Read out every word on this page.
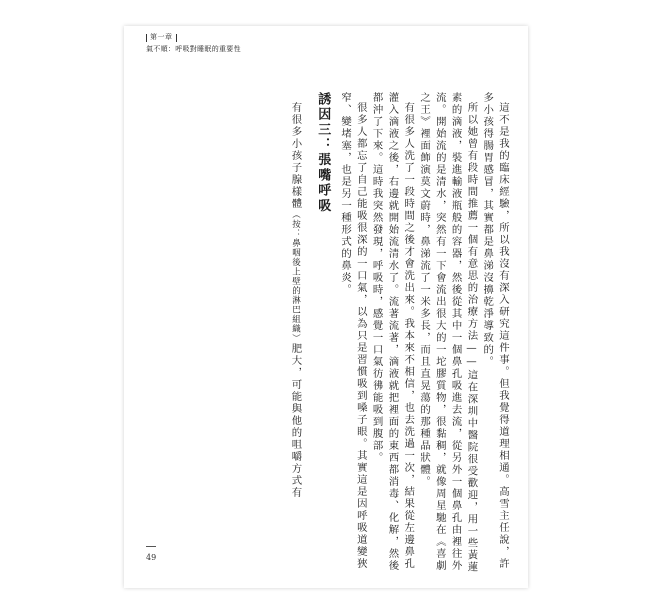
第一章
氣不順：呼吸對睡眠的重要性

這不是我的臨床經驗，所以我沒有深入研究這件事。但我覺得道理相通。高雪主任說，許多小孩得腸胃感冒，其實都是鼻涕沒擤乾淨導致的。

所以她曾有段時間推薦一個有意思的治療方法——這在深圳中醫院很受歡迎，用一些黃蓮素的滴液，裝進輸液瓶般的容器，然後從其中一個鼻孔吸進去流，從另外一個鼻孔由裡往外流。開始流的是清水，突然有一下會流出很大的一坨膠質物，很黏稠，就像周星馳在《喜劇之王》裡面飾演莫文蔚時，鼻涕流了一米多長，而且直晃蕩的那種晶狀體。

有很多人洗了一段時間之後才會洗出來。我本來不相信，也去洗過一次，結果從左邊鼻孔灌入滴液之後，右邊就開始流清水了。流著流著，滴液就把裡面的東西都消毒、化解，然後都沖了下來。這時我突然發現，呼吸時，感覺一口氣彷彿能吸到腹部。

很多人都忘了自己能吸很深的一口氣，以為只是習慣吸到嗓子眼。其實這是因呼吸道變狹窄、變堵塞，也是另一種形式的鼻炎。

誘因三：張嘴呼吸

有很多小孩子腺樣體（按：鼻咽後上壁的淋巴組織）肥大，可能與他的咀嚼方式有

49
